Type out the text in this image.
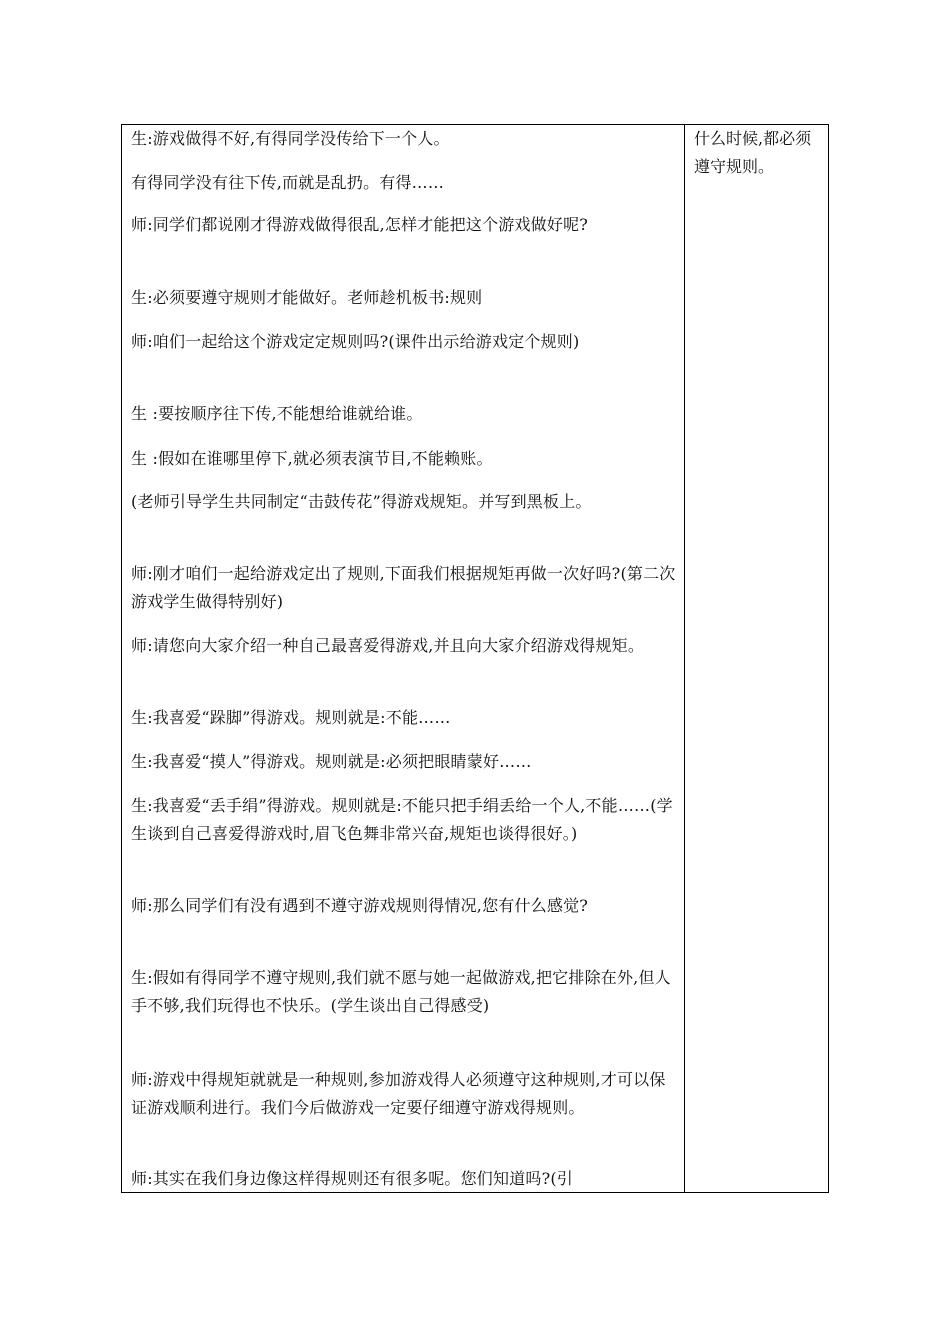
生:游戏做得不好,有得同学没传给下一个人。

有得同学没有往下传,而就是乱扔。有得……

师:同学们都说刚才得游戏做得很乱,怎样才能把这个游戏做好呢?

生:必须要遵守规则才能做好。老师趁机板书:规则

师:咱们一起给这个游戏定定规则吗?(课件出示给游戏定个规则)

生 :要按顺序往下传,不能想给谁就给谁。

生 :假如在谁哪里停下,就必须表演节目,不能赖账。

(老师引导学生共同制定“击鼓传花”得游戏规矩。并写到黑板上。

师:刚才咱们一起给游戏定出了规则,下面我们根据规矩再做一次好吗?(第二次游戏学生做得特别好)

师:请您向大家介绍一种自己最喜爱得游戏,并且向大家介绍游戏得规矩。

生:我喜爱“跺脚”得游戏。规则就是:不能……

生:我喜爱“摸人”得游戏。规则就是:必须把眼睛蒙好……

生:我喜爱“丢手绢”得游戏。规则就是:不能只把手绢丢给一个人,不能……(学生谈到自己喜爱得游戏时,眉飞色舞非常兴奋,规矩也谈得很好。)

师:那么同学们有没有遇到不遵守游戏规则得情况,您有什么感觉?

生:假如有得同学不遵守规则,我们就不愿与她一起做游戏,把它排除在外,但人手不够,我们玩得也不快乐。(学生谈出自己得感受)

师:游戏中得规矩就就是一种规则,参加游戏得人必须遵守这种规则,才可以保证游戏顺利进行。我们今后做游戏一定要仔细遵守游戏得规则。

师:其实在我们身边像这样得规则还有很多呢。您们知道吗?(引

什么时候,都必须遵守规则。
